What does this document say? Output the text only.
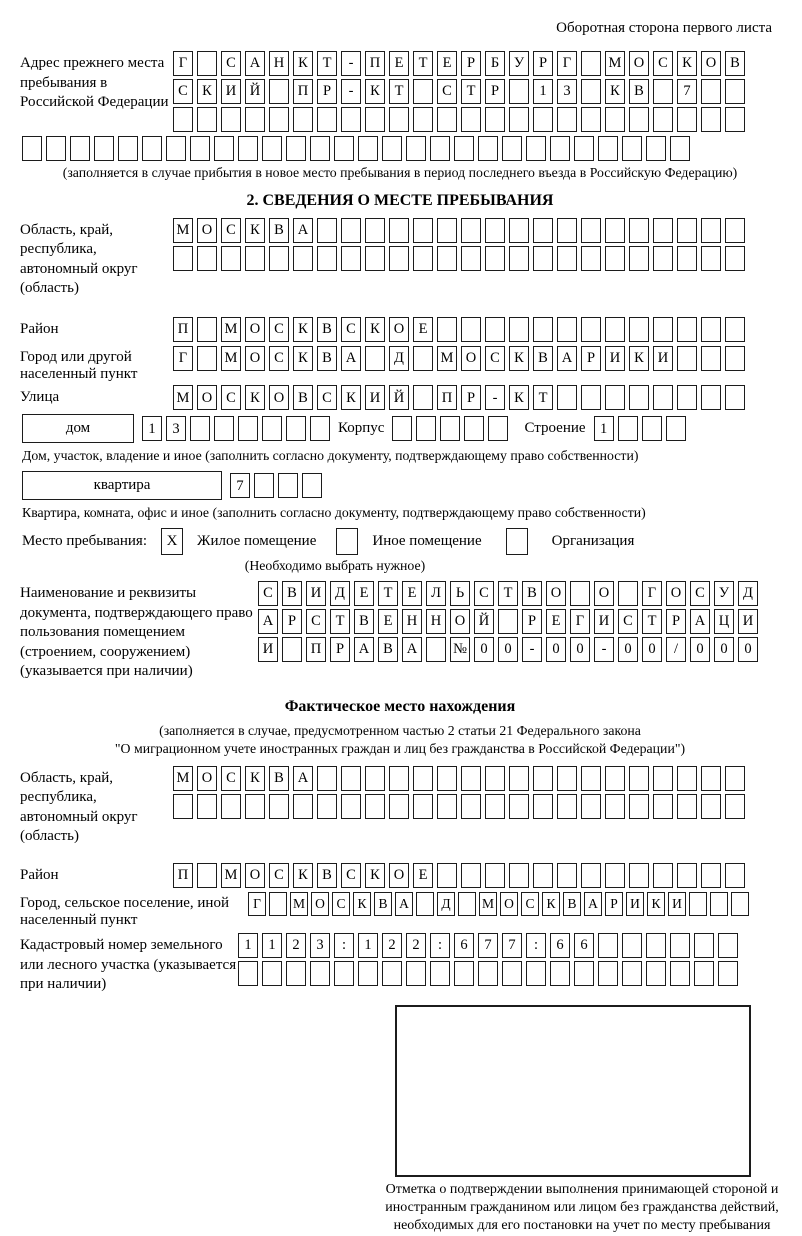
Оборотная сторона первого листа
Адрес прежнего места пребывания в Российской Федерации
Г	С А Н К	Т	-	П Е	Т	Е	Р	Б	У	Р	Г	М О С К О В
С К И Й	П	Р	-	К	Т	С	Т	Р	1	3	К В	7
(заполняется в случае прибытия в новое место пребывания в период последнего въезда в Российскую Федерацию)
2. СВЕДЕНИЯ О МЕСТЕ ПРЕБЫВАНИЯ
Область, край, республика, автономный округ (область)
М О С К В А
Район	П	М О С К В С К О Е
Город или другой населенный пункт
Г	М О С К В А	Д	М О С К В А	Р	И К И
Улица	М О С К О В С К И Й	П	Р	-	К	Т
дом	1	3	Корпус	Строение 1
Дом, участок, владение и иное (заполнить согласно документу, подтверждающему право собственности)
квартира	7
Квартира, комната, офис и иное (заполнить согласно документу, подтверждающему право собственности)
Место пребывания:	X	Жилое помещение	Иное помещение	Организация
(Необходимо выбрать нужное)
Наименование и реквизиты документа, подтверждающего право пользования помещением (строением, сооружением) (указывается при наличии)
С В И Д	Е	Т	Е	Л	Ь	С	Т	В О	О	Г	О С У Д
А	Р	С	Т	В	Е Н Н О Й	Р	Е	Г	И С	Т	Р	А Ц И
И	П	Р	А В А	№ 0	0	-	0	0	-	0	0	/	0	0	0
Фактическое место нахождения
(заполняется в случае, предусмотренном частью 2 статьи 21 Федерального закона
"О миграционном учете иностранных граждан и лиц без гражданства в Российской Федерации")
Область, край, республика, автономный округ (область)
М О С К В А
Район	П	М О С К В С К О Е
Город, сельское поселение, иной населенный пункт
Г	М О С К В А	Д	М О С К В А Р И К И
Кадастровый номер земельного или лесного участка (указывается при наличии)
1	1	2	3	:	1	2	2	:	6	7	7	:	6	6
Отметка о подтверждении выполнения принимающей стороной и иностранным гражданином или лицом без гражданства действий, необходимых для его постановки на учет по месту пребывания
